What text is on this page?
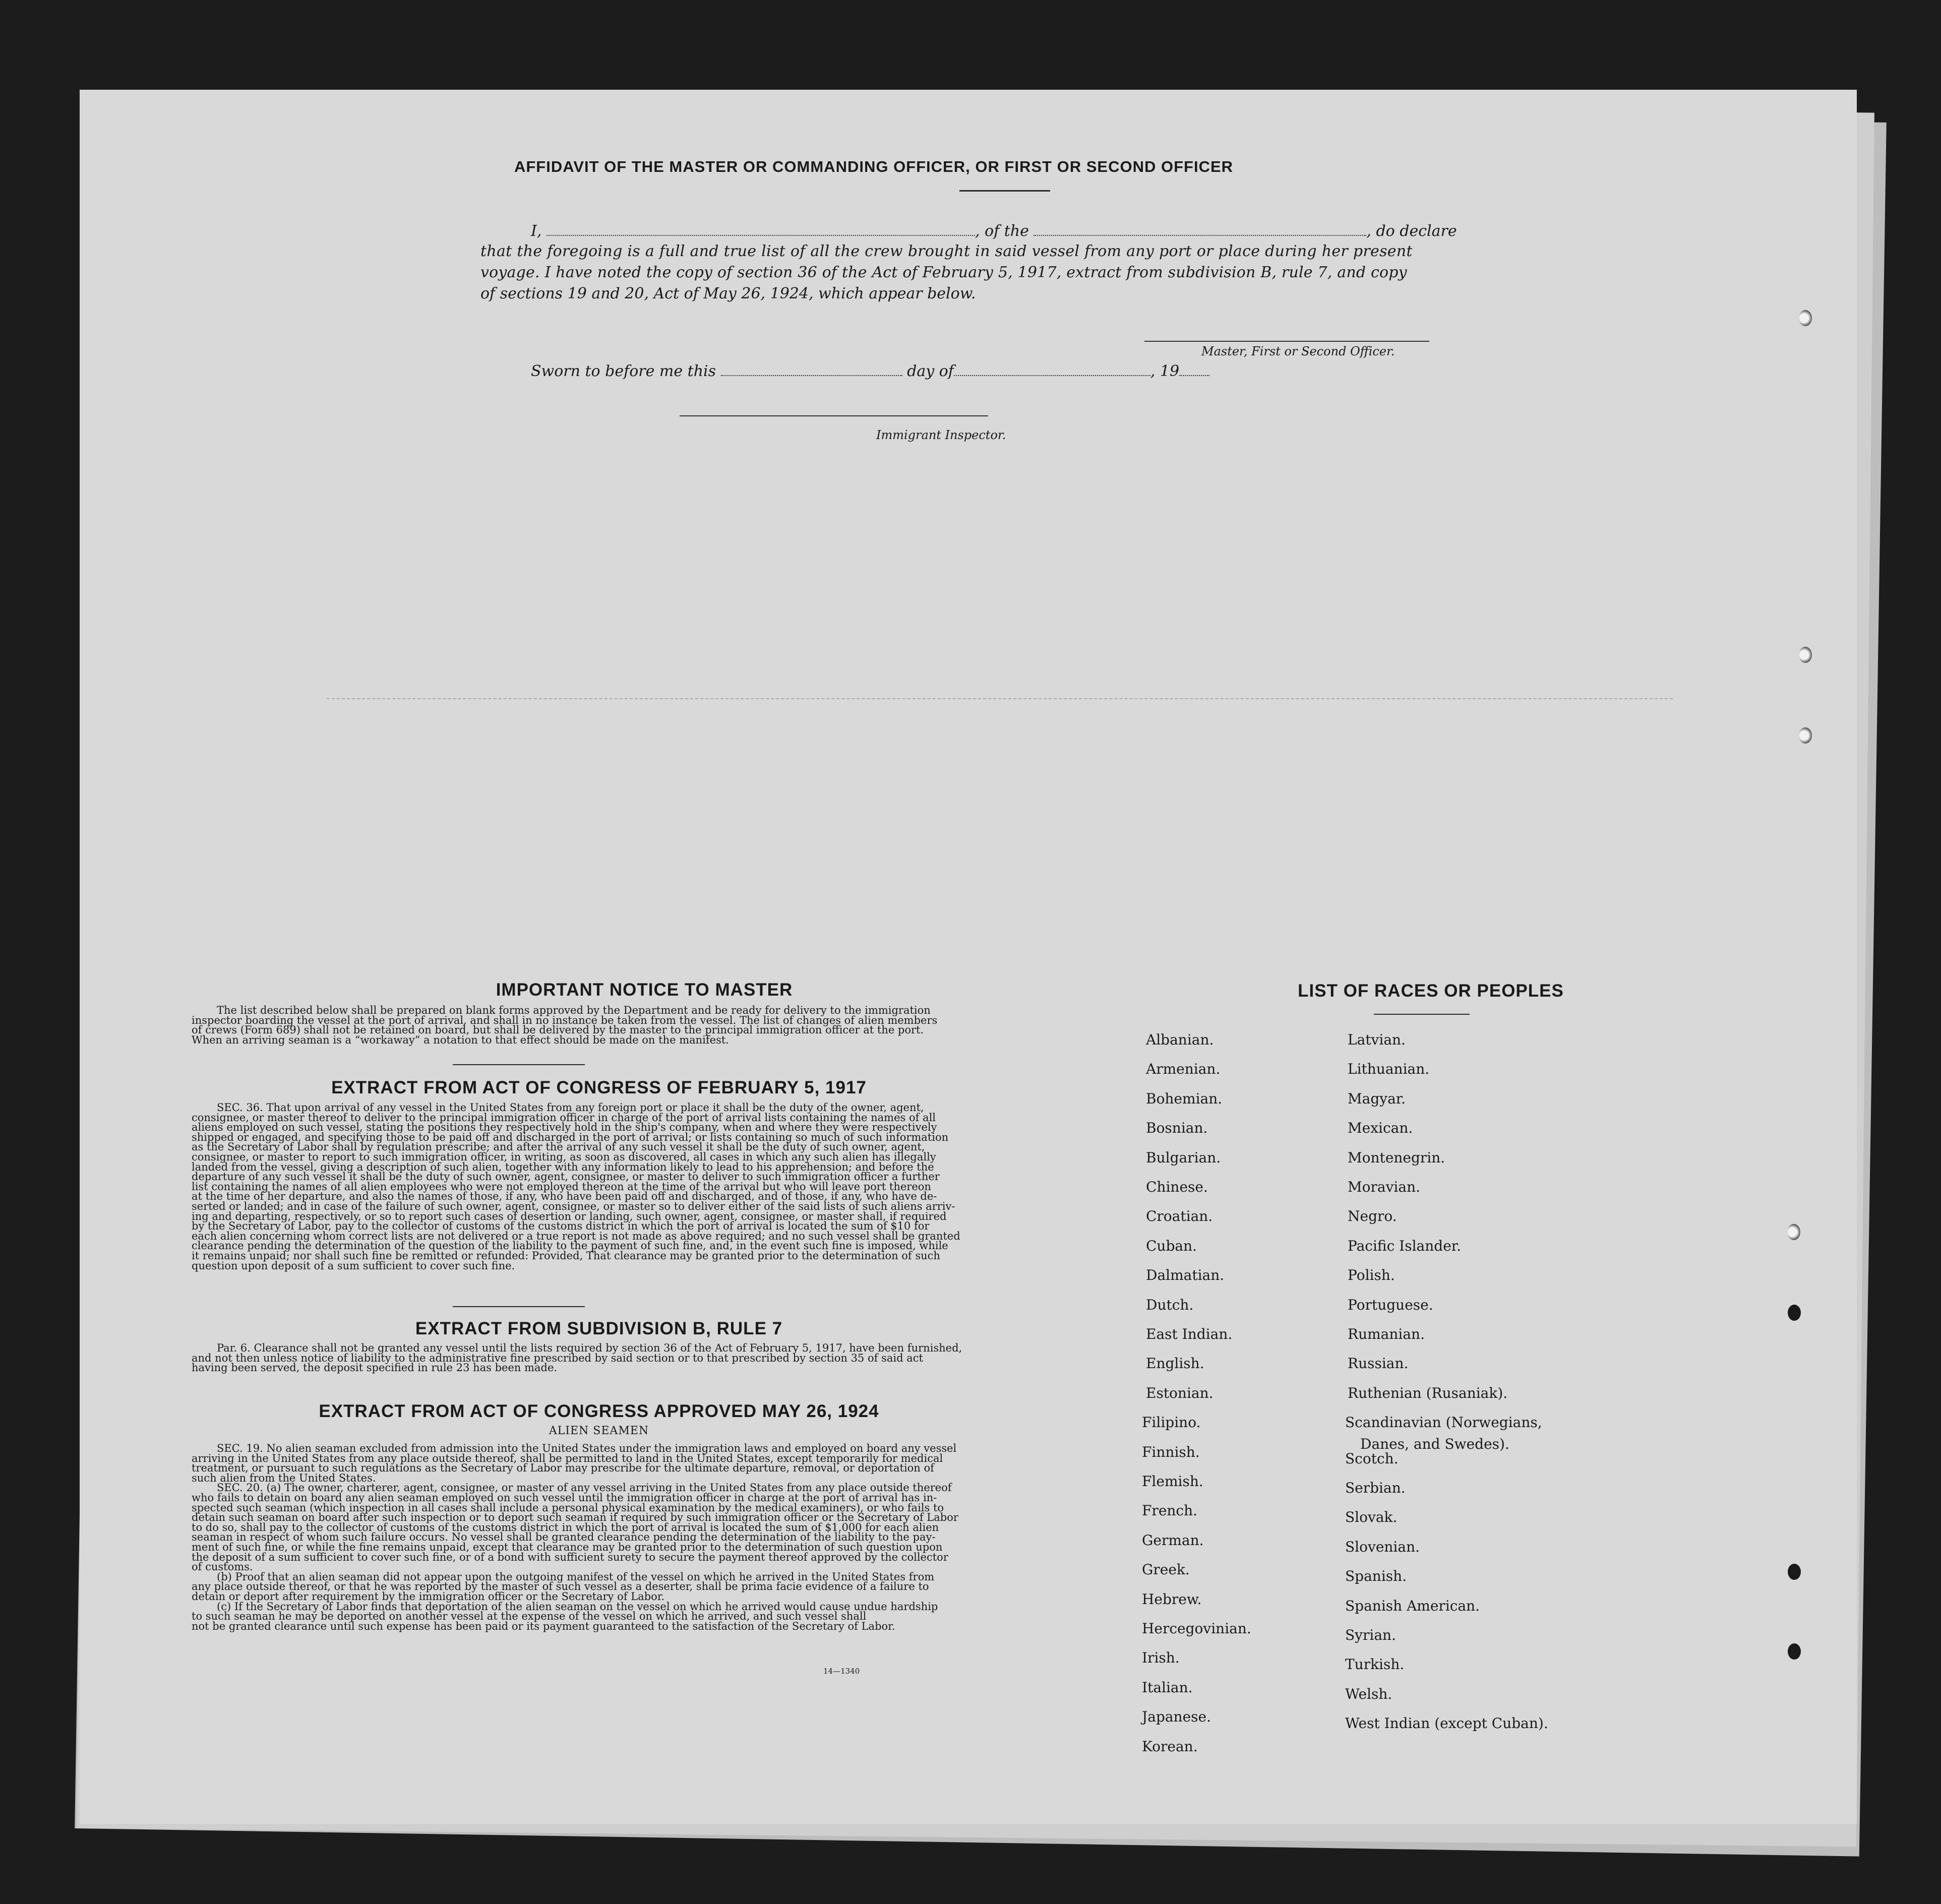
AFFIDAVIT OF THE MASTER OR COMMANDING OFFICER, OR FIRST OR SECOND OFFICER
I,	, of the	, do declare
that the foregoing is a full and true list of all the crew brought in said vessel from any port or place during her present
voyage. I have noted the copy of section 36 of the Act of February 5, 1917, extract from subdivision B, rule 7, and copy
of sections 19 and 20, Act of May 26, 1924, which appear below.
Master, First or Second Officer.
Sworn to before me this	day of	, 19
Immigrant Inspector.
IMPORTANT NOTICE TO MASTER
The list described below shall be prepared on blank forms approved by the Department and be ready for delivery to the immigration
inspector boarding the vessel at the port of arrival, and shall in no instance be taken from the vessel. The list of changes of alien members
of crews (Form 689) shall not be retained on board, but shall be delivered by the master to the principal immigration officer at the port.
When an arriving seaman is a “workaway” a notation to that effect should be made on the manifest.
EXTRACT FROM ACT OF CONGRESS OF FEBRUARY 5, 1917
SEC. 36. That upon arrival of any vessel in the United States from any foreign port or place it shall be the duty of the owner, agent,
consignee, or master thereof to deliver to the principal immigration officer in charge of the port of arrival lists containing the names of all
aliens employed on such vessel, stating the positions they respectively hold in the ship's company, when and where they were respectively
shipped or engaged, and specifying those to be paid off and discharged in the port of arrival; or lists containing so much of such information
as the Secretary of Labor shall by regulation prescribe; and after the arrival of any such vessel it shall be the duty of such owner, agent,
consignee, or master to report to such immigration officer, in writing, as soon as discovered, all cases in which any such alien has illegally
landed from the vessel, giving a description of such alien, together with any information likely to lead to his apprehension; and before the
departure of any such vessel it shall be the duty of such owner, agent, consignee, or master to deliver to such immigration officer a further
list containing the names of all alien employees who were not employed thereon at the time of the arrival but who will leave port thereon
at the time of her departure, and also the names of those, if any, who have been paid off and discharged, and of those, if any, who have de-
serted or landed; and in case of the failure of such owner, agent, consignee, or master so to deliver either of the said lists of such aliens arriv-
ing and departing, respectively, or so to report such cases of desertion or landing, such owner, agent, consignee, or master shall, if required
by the Secretary of Labor, pay to the collector of customs of the customs district in which the port of arrival is located the sum of $10 for
each alien concerning whom correct lists are not delivered or a true report is not made as above required; and no such vessel shall be granted
clearance pending the determination of the question of the liability to the payment of such fine, and, in the event such fine is imposed, while
it remains unpaid; nor shall such fine be remitted or refunded: Provided, That clearance may be granted prior to the determination of such
question upon deposit of a sum sufficient to cover such fine.
EXTRACT FROM SUBDIVISION B, RULE 7
Par. 6. Clearance shall not be granted any vessel until the lists required by section 36 of the Act of February 5, 1917, have been furnished,
and not then unless notice of liability to the administrative fine prescribed by said section or to that prescribed by section 35 of said act
having been served, the deposit specified in rule 23 has been made.
EXTRACT FROM ACT OF CONGRESS APPROVED MAY 26, 1924
ALIEN SEAMEN
SEC. 19. No alien seaman excluded from admission into the United States under the immigration laws and employed on board any vessel
arriving in the United States from any place outside thereof, shall be permitted to land in the United States, except temporarily for medical
treatment, or pursuant to such regulations as the Secretary of Labor may prescribe for the ultimate departure, removal, or deportation of
such alien from the United States.
SEC. 20. (a) The owner, charterer, agent, consignee, or master of any vessel arriving in the United States from any place outside thereof
who fails to detain on board any alien seaman employed on such vessel until the immigration officer in charge at the port of arrival has in-
spected such seaman (which inspection in all cases shall include a personal physical examination by the medical examiners), or who fails to
detain such seaman on board after such inspection or to deport such seaman if required by such immigration officer or the Secretary of Labor
to do so, shall pay to the collector of customs of the customs district in which the port of arrival is located the sum of $1,000 for each alien
seaman in respect of whom such failure occurs. No vessel shall be granted clearance pending the determination of the liability to the pay-
ment of such fine, or while the fine remains unpaid, except that clearance may be granted prior to the determination of such question upon
the deposit of a sum sufficient to cover such fine, or of a bond with sufficient surety to secure the payment thereof approved by the collector
of customs.
(b) Proof that an alien seaman did not appear upon the outgoing manifest of the vessel on which he arrived in the United States from
any place outside thereof, or that he was reported by the master of such vessel as a deserter, shall be prima facie evidence of a failure to
detain or deport after requirement by the immigration officer or the Secretary of Labor.
(c) If the Secretary of Labor finds that deportation of the alien seaman on the vessel on which he arrived would cause undue hardship
to such seaman he may be deported on another vessel at the expense of the vessel on which he arrived, and such vessel shall
not be granted clearance until such expense has been paid or its payment guaranteed to the satisfaction of the Secretary of Labor.
14—1340
LIST OF RACES OR PEOPLES
Albanian.
Armenian.
Bohemian.
Bosnian.
Bulgarian.
Chinese.
Croatian.
Cuban.
Dalmatian.
Dutch.
East Indian.
English.
Estonian.
Filipino.
Finnish.
Flemish.
French.
German.
Greek.
Hebrew.
Hercegovinian.
Irish.
Italian.
Japanese.
Korean.
Latvian.
Lithuanian.
Magyar.
Mexican.
Montenegrin.
Moravian.
Negro.
Pacific Islander.
Polish.
Portuguese.
Rumanian.
Russian.
Ruthenian (Rusaniak).
Scandinavian (Norwegians,
Danes, and Swedes).
Scotch.
Serbian.
Slovak.
Slovenian.
Spanish.
Spanish American.
Syrian.
Turkish.
Welsh.
West Indian (except Cuban).
